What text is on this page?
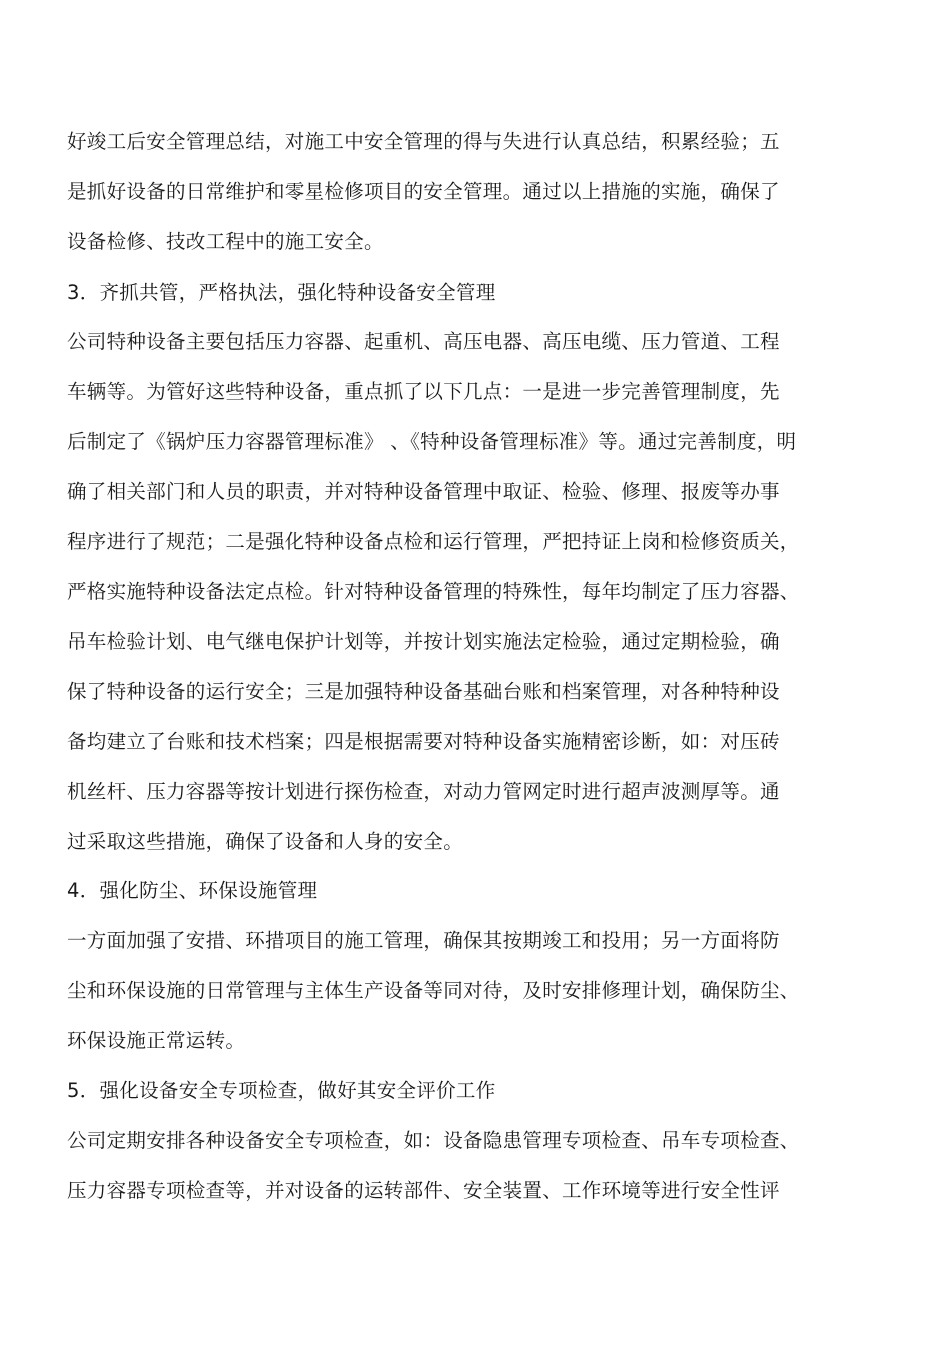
好竣工后安全管理总结，对施工中安全管理的得与失进行认真总结，积累经验；五
是抓好设备的日常维护和零星检修项目的安全管理。通过以上措施的实施，确保了
设备检修、技改工程中的施工安全。
3．齐抓共管，严格执法，强化特种设备安全管理
公司特种设备主要包括压力容器、起重机、高压电器、高压电缆、压力管道、工程
车辆等。为管好这些特种设备，重点抓了以下几点：一是进一步完善管理制度，先
后制定了《锅炉压力容器管理标准》 、《特种设备管理标准》等。通过完善制度，明
确了相关部门和人员的职责，并对特种设备管理中取证、检验、修理、报废等办事
程序进行了规范；二是强化特种设备点检和运行管理，严把持证上岗和检修资质关，
严格实施特种设备法定点检。针对特种设备管理的特殊性，每年均制定了压力容器、
吊车检验计划、电气继电保护计划等，并按计划实施法定检验，通过定期检验，确
保了特种设备的运行安全；三是加强特种设备基础台账和档案管理，对各种特种设
备均建立了台账和技术档案；四是根据需要对特种设备实施精密诊断，如：对压砖
机丝杆、压力容器等按计划进行探伤检查，对动力管网定时进行超声波测厚等。通
过采取这些措施，确保了设备和人身的安全。
4．强化防尘、环保设施管理
一方面加强了安措、环措项目的施工管理，确保其按期竣工和投用；另一方面将防
尘和环保设施的日常管理与主体生产设备等同对待，及时安排修理计划，确保防尘、
环保设施正常运转。
5．强化设备安全专项检查，做好其安全评价工作
公司定期安排各种设备安全专项检查，如：设备隐患管理专项检查、吊车专项检查、
压力容器专项检查等，并对设备的运转部件、安全装置、工作环境等进行安全性评
